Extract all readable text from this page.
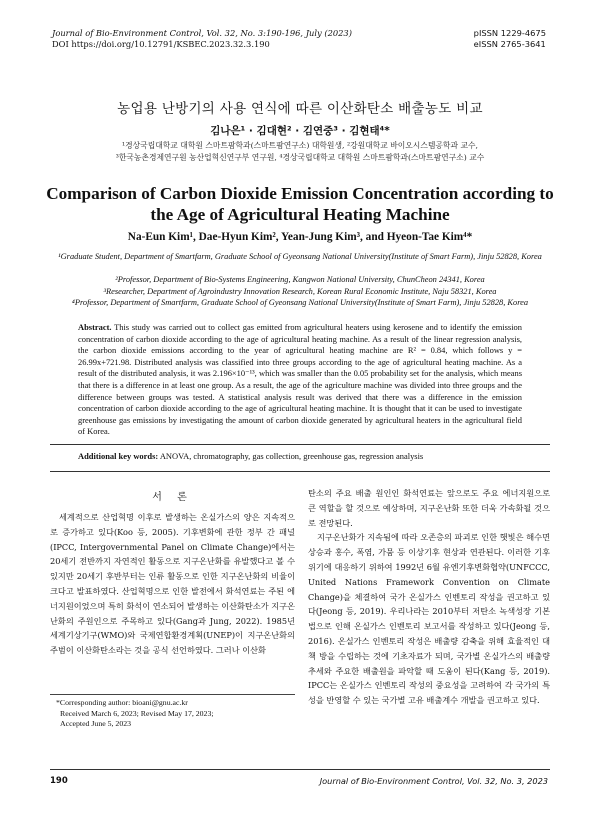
Journal of Bio-Environment Control, Vol. 32, No. 3:190-196, July (2023)
DOI https://doi.org/10.12791/KSBEC.2023.32.3.190
pISSN 1229-4675
eISSN 2765-3641
농업용 난방기의 사용 연식에 따른 이산화탄소 배출농도 비교
김나은¹ · 김대현² · 김연중³ · 김현태⁴*
¹경상국립대학교 대학원 스마트팜학과(스마트팜연구소) 대학원생, ²강원대학교 바이오시스템공학과 교수,
³한국농촌경제연구원 농산업혁신연구부 연구원, ⁴경상국립대학교 대학원 스마트팜학과(스마트팜연구소) 교수
Comparison of Carbon Dioxide Emission Concentration according to the Age of Agricultural Heating Machine
Na-Eun Kim¹, Dae-Hyun Kim², Yean-Jung Kim³, and Hyeon-Tae Kim⁴*
¹Graduate Student, Department of Smartfarm, Graduate School of Gyeonsang National University(Institute of Smart Farm), Jinju 52828, Korea
²Professor, Department of Bio-Systems Engineering, Kangwon National University, ChunCheon 24341, Korea
³Researcher, Department of Agroindustry Innovation Research, Korean Rural Economic Institute, Naju 58321, Korea
⁴Professor, Department of Smartfarm, Graduate School of Gyeonsang National University(Institute of Smart Farm), Jinju 52828, Korea
Abstract. This study was carried out to collect gas emitted from agricultural heaters using kerosene and to identify the emission concentration of carbon dioxide according to the age of agricultural heating machine. As a result of the linear regression analysis, the carbon dioxide emissions according to the year of agricultural heating machine are R² = 0.84, which follows y = 26.99x+721.98. Distributed analysis was classified into three groups according to the age of agricultural heating machine. As a result of the distributed analysis, it was 2.196×10⁻¹³, which was smaller than the 0.05 probability set for the analysis, which means that there is a difference in at least one group. As a result, the age of the agriculture machine was divided into three groups and the difference between groups was tested. A statistical analysis result was derived that there was a difference in the emission concentration of carbon dioxide according to the age of agricultural heating machine. It is thought that it can be used to investigate greenhouse gas emissions by investigating the amount of carbon dioxide generated by agricultural heaters in the agricultural field of Korea.
Additional key words: ANOVA, chromatography, gas collection, greenhouse gas, regression analysis
서 론

세계적으로 산업혁명 이후로 발생하는 온실가스의 양은 지속적으로 증가하고 있다(Koo 등, 2005). 기후변화에 관한 정부 간 패널(IPCC, Intergovernmental Panel on Climate Change)에서는 20세기 전반까지 자연적인 활동으로 지구온난화를 유발했다고 볼 수 있지만 20세기 후반부터는 인류 활동으로 인한 지구온난화의 비율이 크다고 발표하였다. 산업혁명으로 인한 발전에서 화석연료는 주된 에너지원이었으며 특히 화석이 연소되어 발생하는 이산화탄소가 지구온난화의 주원인으로 주목하고 있다(Gang과 Jung, 2022). 1985년 세계기상기구(WMO)와 국제연합환경계획(UNEP)이 지구온난화의 주범이 이산화탄소라는 것을 공식 선언하였다. 그러나 이산화

탄소의 주요 배출 원인인 화석연료는 앞으로도 주요 에너지원으로 큰 역할을 할 것으로 예상하며, 지구온난화 또한 더욱 가속화될 것으로 전망된다.

지구온난화가 지속됨에 따라 오존층의 파괴로 인한 햇빛은 해수면 상승과 홍수, 폭염, 가뭄 등 이상기후 현상과 연관된다. 이러한 기후위기에 대응하기 위하여 1992년 6월 유엔기후변화협약(UNFCCC, United Nations Framework Convention on Climate Change)을 체결하여 국가 온실가스 인벤토리 작성을 권고하고 있다(Jeong 등, 2019). 우리나라는 2010부터 저탄소 녹색성장 기본법으로 인해 온실가스 인벤토리 보고서를 작성하고 있다(Jeong 등, 2016). 온실가스 인벤토리 작성은 배출량 감축을 위해 효율적인 대책 방을 수립하는 것에 기초자료가 되며, 국가별 온실가스의 배출량 추세와 주요한 배출원을 파악할 때 도움이 된다(Kang 등, 2019). IPCC는 온실가스 인벤토리 작성의 중요성을 고려하여 각 국가의 특성을 반영할 수 있는 국가별 고유 배출계수 개발을 권고하고 있다.

*Corresponding author: bioani@gnu.ac.kr
Received March 6, 2023; Revised May 17, 2023;
Accepted June 5, 2023
190	Journal of Bio-Environment Control, Vol. 32, No. 3, 2023
